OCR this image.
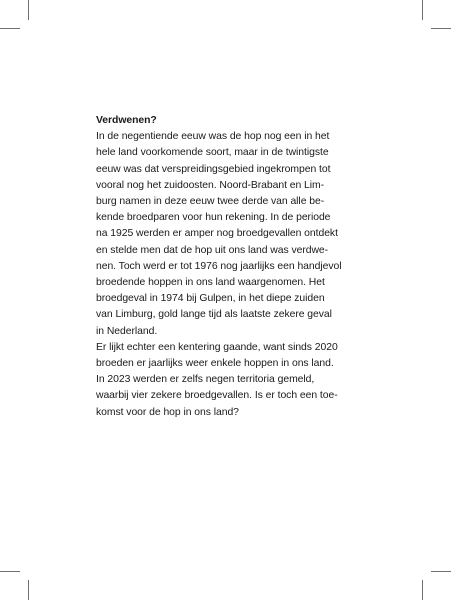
Verdwenen?

In de negentiende eeuw was de hop nog een in het
hele land voorkomende soort, maar in de twintigste
eeuw was dat verspreidingsgebied ingekrompen tot
vooral nog het zuidoosten. Noord-Brabant en Lim-
burg namen in deze eeuw twee derde van alle be-
kende broedparen voor hun rekening. In de periode
na 1925 werden er amper nog broedgevallen ontdekt
en stelde men dat de hop uit ons land was verdwe-
nen. Toch werd er tot 1976 nog jaarlijks een handjevol
broedende hoppen in ons land waargenomen. Het
broedgeval in 1974 bij Gulpen, in het diepe zuiden
van Limburg, gold lange tijd als laatste zekere geval
in Nederland.

Er lijkt echter een kentering gaande, want sinds 2020
broeden er jaarlijks weer enkele hoppen in ons land.
In 2023 werden er zelfs negen territoria gemeld,
waarbij vier zekere broedgevallen. Is er toch een toe-
komst voor de hop in ons land?
